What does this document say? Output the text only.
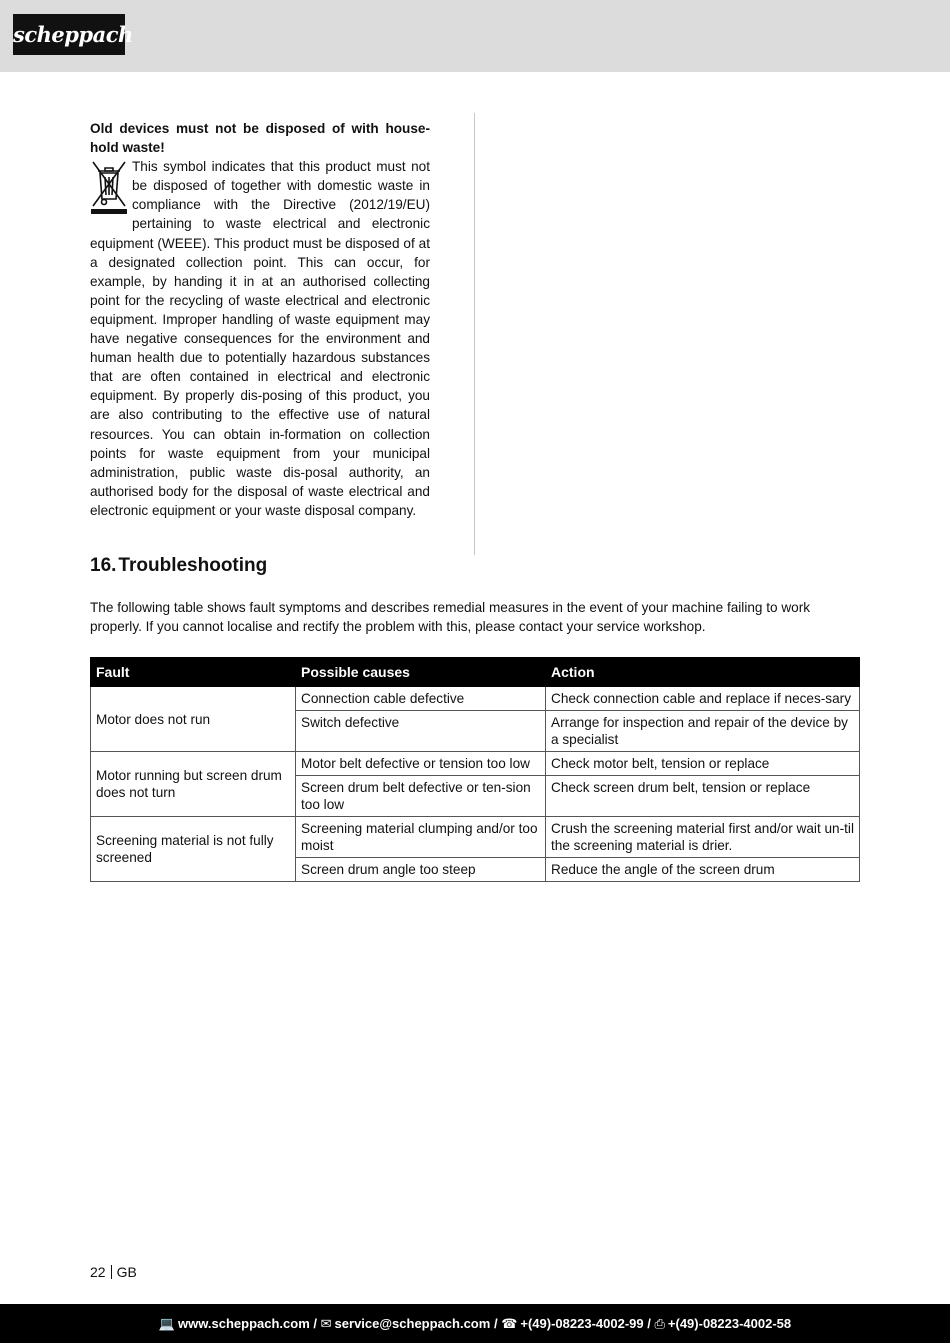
scheppach

Old devices must not be disposed of with house-hold waste!

This symbol indicates that this product must not be disposed of together with domestic waste in compliance with the Directive (2012/19/EU) pertaining to waste electrical and electronic equipment (WEEE). This product must be disposed of at a designated collection point. This can occur, for example, by handing it in at an authorised collecting point for the recycling of waste electrical and electronic equipment. Improper handling of waste equipment may have negative consequences for the environment and human health due to potentially hazardous substances that are often contained in electrical and electronic equipment. By properly dis-posing of this product, you are also contributing to the effective use of natural resources. You can obtain in-formation on collection points for waste equipment from your municipal administration, public waste dis-posal authority, an authorised body for the disposal of waste electrical and electronic equipment or your waste disposal company.

16. Troubleshooting

The following table shows fault symptoms and describes remedial measures in the event of your machine failing to work properly. If you cannot localise and rectify the problem with this, please contact your service workshop.

Fault	Possible causes	Action
Motor does not run	Connection cable defective	Check connection cable and replace if neces-sary
	Switch defective	Arrange for inspection and repair of the device by a specialist
Motor running but screen drum does not turn	Motor belt defective or tension too low	Check motor belt, tension or replace
	Screen drum belt defective or ten-sion too low	Check screen drum belt, tension or replace
Screening material is not fully screened	Screening material clumping and/or too moist	Crush the screening material first and/or wait un-til the screening material is drier.
	Screen drum angle too steep	Reduce the angle of the screen drum
22 GB
💻 www.scheppach.com / ✉ service@scheppach.com / ☎ +(49)-08223-4002-99 / ⎙ +(49)-08223-4002-58
